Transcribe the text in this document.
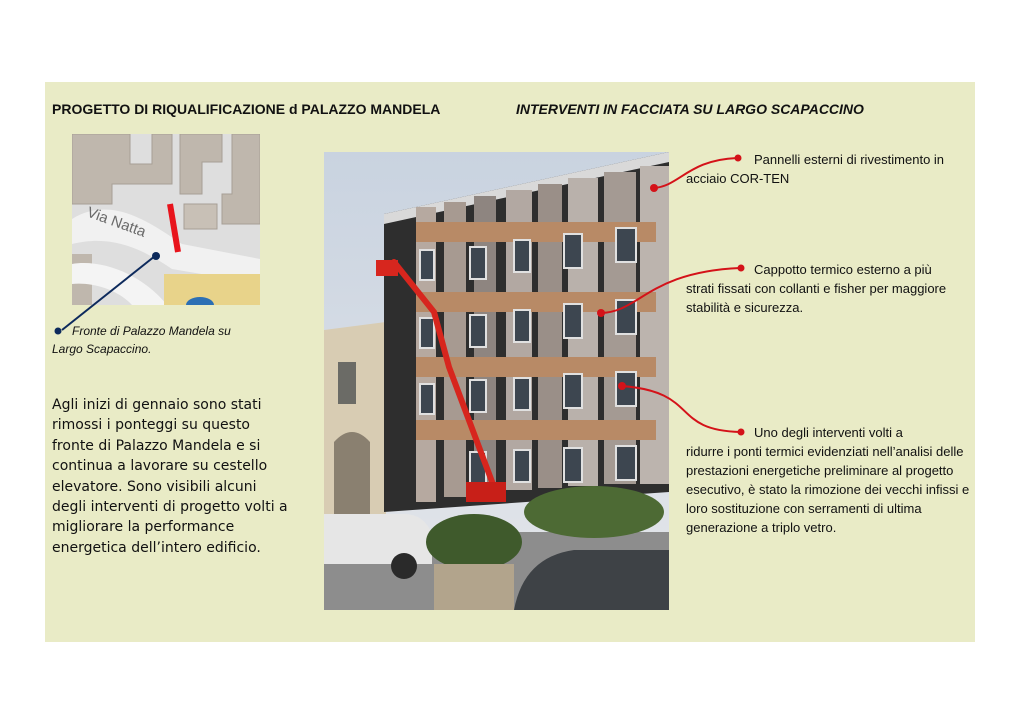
PROGETTO DI RIQUALIFICAZIONE d PALAZZO MANDELA	INTERVENTI IN FACCIATA SU LARGO SCAPACCINO
Via Natta
Fronte di Palazzo Mandela su
Largo Scapaccino.
Agli inizi di gennaio sono stati rimossi i ponteggi su questo fronte di Palazzo Mandela e si continua a lavorare su cestello elevatore. Sono visibili alcuni degli interventi di progetto volti a migliorare la performance energetica dell’intero edificio.
Pannelli esterni di rivestimento in
acciaio COR-TEN
Cappotto termico esterno a più
strati fissati con collanti e fisher per maggiore stabilità e sicurezza.
Uno degli interventi volti a
ridurre i ponti termici evidenziati nell’analisi delle prestazioni energetiche preliminare al progetto esecutivo, è stato la rimozione dei vecchi infissi e loro sostituzione con serramenti di ultima generazione a triplo vetro.
